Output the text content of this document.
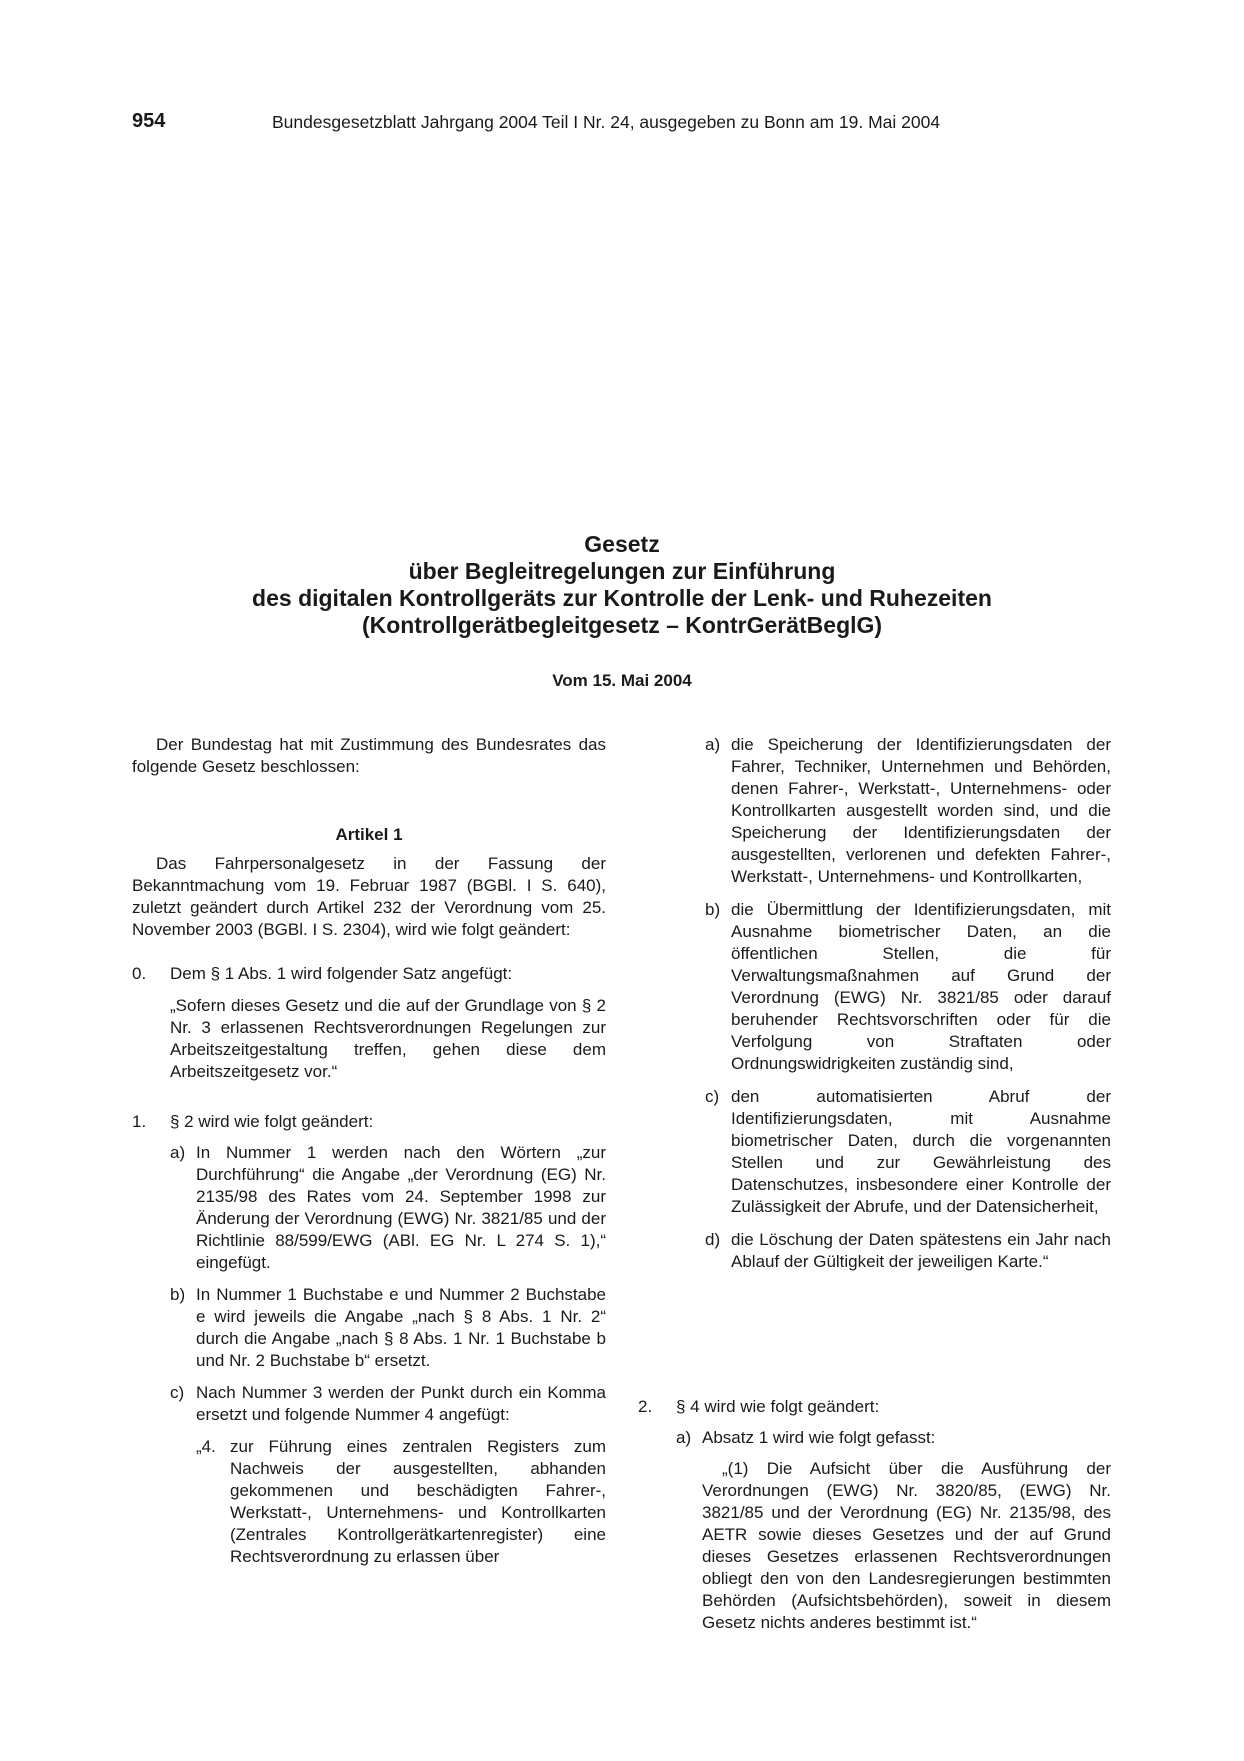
954	Bundesgesetzblatt Jahrgang 2004 Teil I Nr. 24, ausgegeben zu Bonn am 19. Mai 2004
Gesetz
über Begleitregelungen zur Einführung
des digitalen Kontrollgeräts zur Kontrolle der Lenk- und Ruhezeiten
(Kontrollgerätbegleitgesetz – KontrGerätBeglG)
Vom 15. Mai 2004

Der Bundestag hat mit Zustimmung des Bundesrates das folgende Gesetz beschlossen:

Artikel 1

Das Fahrpersonalgesetz in der Fassung der Bekanntmachung vom 19. Februar 1987 (BGBl. I S. 640), zuletzt geändert durch Artikel 232 der Verordnung vom 25. November 2003 (BGBl. I S. 2304), wird wie folgt geändert:

0. Dem § 1 Abs. 1 wird folgender Satz angefügt:

„Sofern dieses Gesetz und die auf der Grundlage von § 2 Nr. 3 erlassenen Rechtsverordnungen Regelungen zur Arbeitszeitgestaltung treffen, gehen diese dem Arbeitszeitgesetz vor.“

1. § 2 wird wie folgt geändert:

a) In Nummer 1 werden nach den Wörtern „zur Durchführung“ die Angabe „der Verordnung (EG) Nr. 2135/98 des Rates vom 24. September 1998 zur Änderung der Verordnung (EWG) Nr. 3821/85 und der Richtlinie 88/599/EWG (ABl. EG Nr. L 274 S. 1),“ eingefügt.

b) In Nummer 1 Buchstabe e und Nummer 2 Buchstabe e wird jeweils die Angabe „nach § 8 Abs. 1 Nr. 2“ durch die Angabe „nach § 8 Abs. 1 Nr. 1 Buchstabe b und Nr. 2 Buchstabe b“ ersetzt.

c) Nach Nummer 3 werden der Punkt durch ein Komma ersetzt und folgende Nummer 4 angefügt:

„4. zur Führung eines zentralen Registers zum Nachweis der ausgestellten, abhanden gekommenen und beschädigten Fahrer-, Werkstatt-, Unternehmens- und Kontrollkarten (Zentrales Kontrollgerätkartenregister) eine Rechtsverordnung zu erlassen über

a) die Speicherung der Identifizierungsdaten der Fahrer, Techniker, Unternehmen und Behörden, denen Fahrer-, Werkstatt-, Unternehmens- oder Kontrollkarten ausgestellt worden sind, und die Speicherung der Identifizierungsdaten der ausgestellten, verlorenen und defekten Fahrer-, Werkstatt-, Unternehmens- und Kontrollkarten,

b) die Übermittlung der Identifizierungsdaten, mit Ausnahme biometrischer Daten, an die öffentlichen Stellen, die für Verwaltungsmaßnahmen auf Grund der Verordnung (EWG) Nr. 3821/85 oder darauf beruhender Rechtsvorschriften oder für die Verfolgung von Straftaten oder Ordnungswidrigkeiten zuständig sind,

c) den automatisierten Abruf der Identifizierungsdaten, mit Ausnahme biometrischer Daten, durch die vorgenannten Stellen und zur Gewährleistung des Datenschutzes, insbesondere einer Kontrolle der Zulässigkeit der Abrufe, und der Datensicherheit,

d) die Löschung der Daten spätestens ein Jahr nach Ablauf der Gültigkeit der jeweiligen Karte.“

2. § 4 wird wie folgt geändert:

a) Absatz 1 wird wie folgt gefasst:

„(1) Die Aufsicht über die Ausführung der Verordnungen (EWG) Nr. 3820/85, (EWG) Nr. 3821/85 und der Verordnung (EG) Nr. 2135/98, des AETR sowie dieses Gesetzes und der auf Grund dieses Gesetzes erlassenen Rechtsverordnungen obliegt den von den Landesregierungen bestimmten Behörden (Aufsichtsbehörden), soweit in diesem Gesetz nichts anderes bestimmt ist.“
